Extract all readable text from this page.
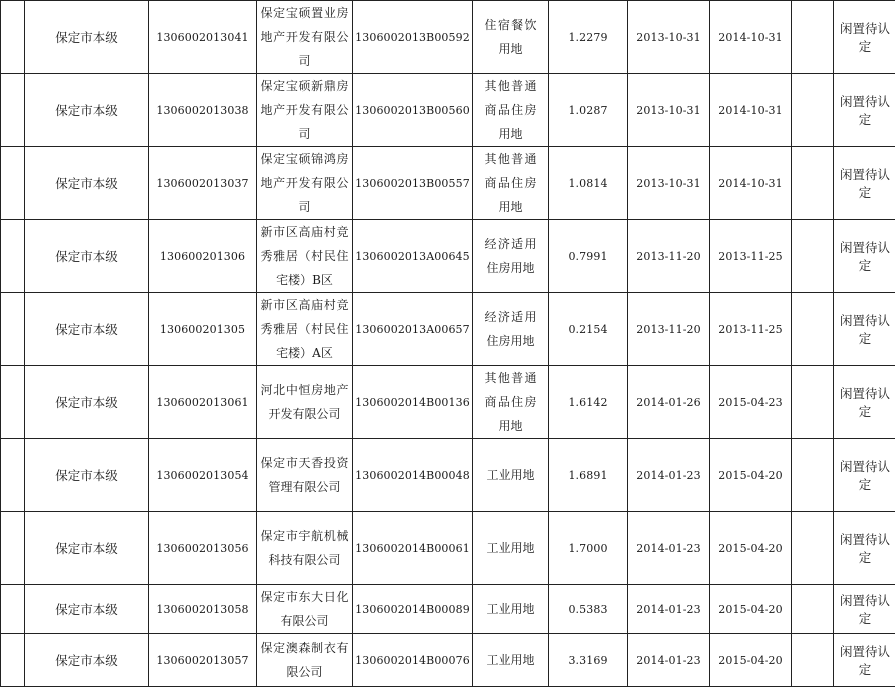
	保定市本级	1306002013041	保定宝硕置业房地产开发有限公司	1306002013B00592	住宿餐饮用地	1.2279	2013-10-31	2014-10-31		闲置待认定
	保定市本级	1306002013038	保定宝硕新鼎房地产开发有限公司	1306002013B00560	其他普通商品住房用地	1.0287	2013-10-31	2014-10-31		闲置待认定
	保定市本级	1306002013037	保定宝硕锦鸿房地产开发有限公司	1306002013B00557	其他普通商品住房用地	1.0814	2013-10-31	2014-10-31		闲置待认定
	保定市本级	130600201306	新市区高庙村竞秀雅居（村民住宅楼）B区	1306002013A00645	经济适用住房用地	0.7991	2013-11-20	2013-11-25		闲置待认定
	保定市本级	130600201305	新市区高庙村竞秀雅居（村民住宅楼）A区	1306002013A00657	经济适用住房用地	0.2154	2013-11-20	2013-11-25		闲置待认定
	保定市本级	1306002013061	河北中恒房地产开发有限公司	1306002014B00136	其他普通商品住房用地	1.6142	2014-01-26	2015-04-23		闲置待认定
	保定市本级	1306002013054	保定市天香投资管理有限公司	1306002014B00048	工业用地	1.6891	2014-01-23	2015-04-20		闲置待认定
	保定市本级	1306002013056	保定市宇航机械科技有限公司	1306002014B00061	工业用地	1.7000	2014-01-23	2015-04-20		闲置待认定
	保定市本级	1306002013058	保定市东大日化有限公司	1306002014B00089	工业用地	0.5383	2014-01-23	2015-04-20		闲置待认定
	保定市本级	1306002013057	保定澳森制衣有限公司	1306002014B00076	工业用地	3.3169	2014-01-23	2015-04-20		闲置待认定
